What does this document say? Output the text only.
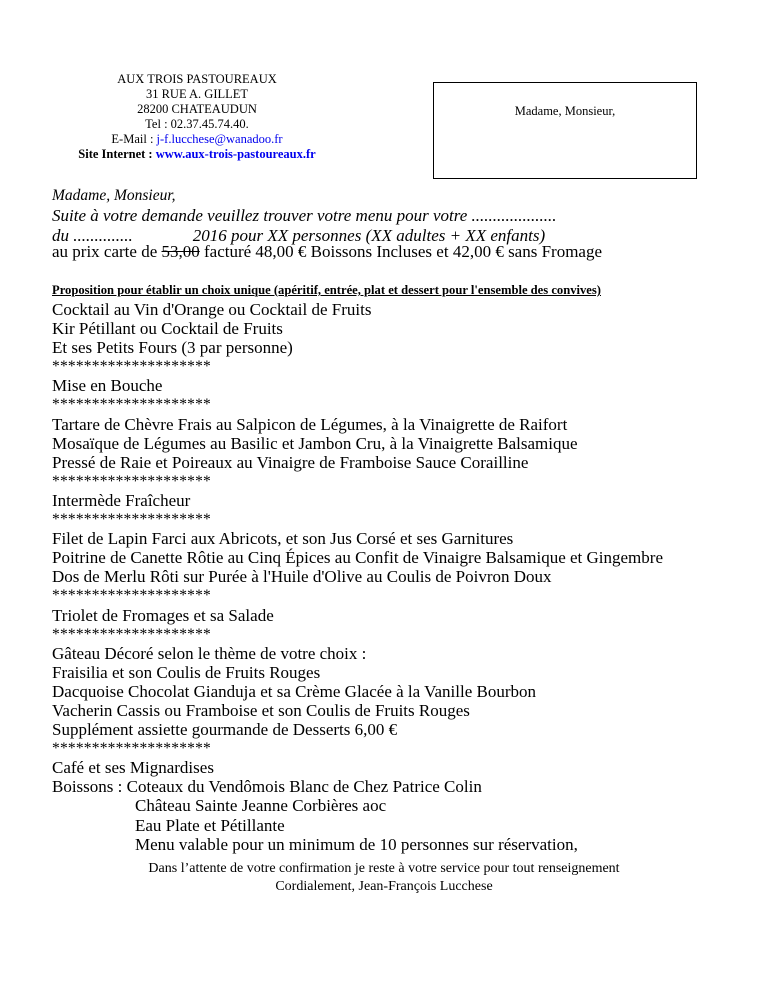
AUX TROIS PASTOUREAUX
31 RUE A. GILLET
28200 CHATEAUDUN
Tel : 02.37.45.74.40.
E-Mail : j-f.lucchese@wanadoo.fr
Site Internet : www.aux-trois-pastoureaux.fr
Madame, Monsieur,
Madame, Monsieur,
Suite à votre demande veuillez trouver votre menu pour votre ....................
du ..............	2016 pour XX personnes (XX adultes + XX enfants)
au prix carte de 53,00 facturé 48,00 € Boissons Incluses et 42,00 € sans Fromage
Proposition pour établir un choix unique (apéritif, entrée, plat et dessert pour l'ensemble des convives)
Cocktail au Vin d'Orange ou Cocktail de Fruits
Kir Pétillant ou Cocktail de Fruits
Et ses Petits Fours (3 par personne)
********************
Mise en Bouche
********************
Tartare de Chèvre Frais au Salpicon de Légumes, à la Vinaigrette de Raifort
Mosaïque de Légumes au Basilic et Jambon Cru, à la Vinaigrette Balsamique
Pressé de Raie et Poireaux au Vinaigre de Framboise Sauce Corailline
********************
Intermède Fraîcheur
********************
Filet de Lapin Farci aux Abricots, et son Jus Corsé et ses Garnitures
Poitrine de Canette Rôtie au Cinq Épices au Confit de Vinaigre Balsamique et Gingembre
Dos de Merlu Rôti sur Purée à l'Huile d'Olive au Coulis de Poivron Doux
********************
Triolet de Fromages et sa Salade
********************
Gâteau Décoré selon le thème de votre choix :
Fraisilia et son Coulis de Fruits Rouges
Dacquoise Chocolat Gianduja et sa Crème Glacée à la Vanille Bourbon
Vacherin Cassis ou Framboise et son Coulis de Fruits Rouges
Supplément assiette gourmande de Desserts 6,00 €
********************
Café et ses Mignardises
Boissons : Coteaux du Vendômois Blanc de Chez Patrice Colin
Château Sainte Jeanne Corbières aoc
Eau Plate et Pétillante
Menu valable pour un minimum de 10 personnes sur réservation,
Dans l’attente de votre confirmation je reste à votre service pour tout renseignement
Cordialement, Jean-François Lucchese
